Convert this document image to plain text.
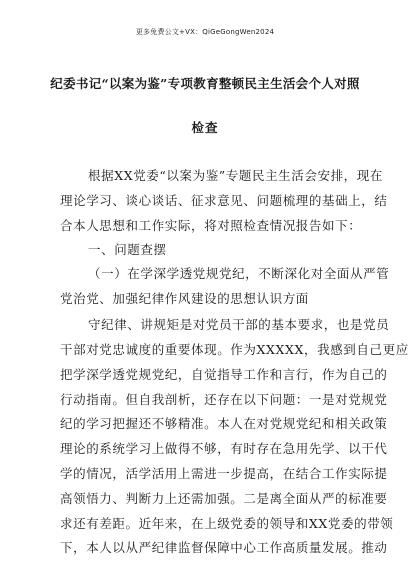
更多免费公文+VX：QiGeGongWen2024
纪委书记“以案为鉴”专项教育整顿民主生活会个人对照
检查
根据XX党委“以案为鉴”专题民主生活会安排，现在
理论学习、谈心谈话、征求意见、问题梳理的基础上，结
合本人思想和工作实际，将对照检查情况报告如下：
一、问题查摆
（一）在学深学透党规党纪，不断深化对全面从严管
党治党、加强纪律作风建设的思想认识方面
守纪律、讲规矩是对党员干部的基本要求，也是党员
干部对党忠诚度的重要体现。作为XXXXX，我感到自己更应
把学深学透党规党纪，自觉指导工作和言行，作为自己的
行动指南。但自我剖析，还存在以下问题：一是对党规党
纪的学习把握还不够精准。本人在对党规党纪和相关政策
理论的系统学习上做得不够，有时存在急用先学、以干代
学的情况，活学活用上需进一步提高，在结合工作实际提
高领悟力、判断力上还需加强。二是离全面从严的标准要
求还有差距。近年来，在上级党委的领导和XX党委的带领
下，本人以从严纪律监督保障中心工作高质量发展。推动
